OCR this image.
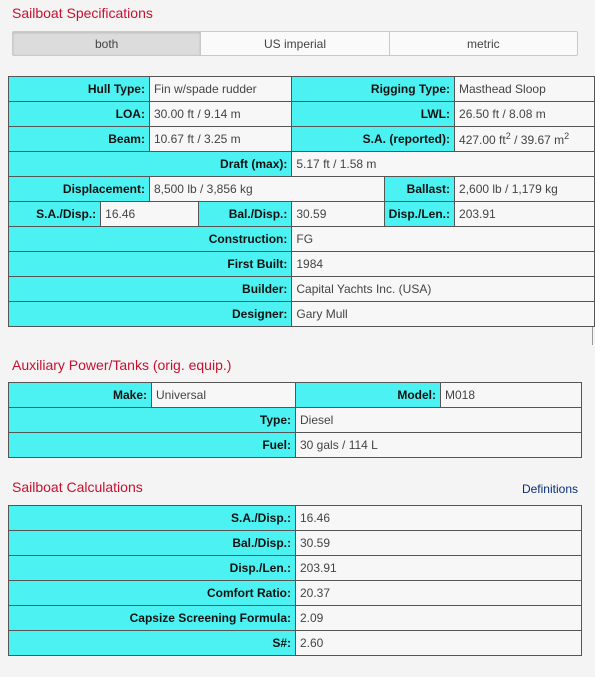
Sailboat Specifications
both	US imperial	metric
Hull Type:		Fin w/spade rudder		Rigging Type:		Masthead Sloop
LOA:		30.00 ft / 9.14 m		LWL:		26.50 ft / 8.08 m
Beam:		10.67 ft / 3.25 m		S.A. (reported):		427.00 $ft^2 / 39.67$ $m^2$
Draft (max):				5.17 ft / 1.58 m		
Displacement:		8,500 lb / 3,856 kg			Ballast:	2,600 lb / 1,179 kg
S.A./Disp.:	16.46		Bal./Disp.:	30.59	Disp./Len.:	203.91
Construction:				FG		
First Built:				1984		
Builder:				Capital Yachts Inc. (USA)		
Designer:				Gary Mull		
Auxiliary Power/Tanks (orig. equip.)
Make:	Universal	Model:	M018
Type:		Diesel	
Fuel:		30 gals / 114 L	
Sailboat Calculations	Definitions
S.A./Disp.:	16.46
Bal./Disp.:	30.59
Disp./Len.:	203.91
Comfort Ratio:	20.37
Capsize Screening Formula:	2.09
S#:	2.60
